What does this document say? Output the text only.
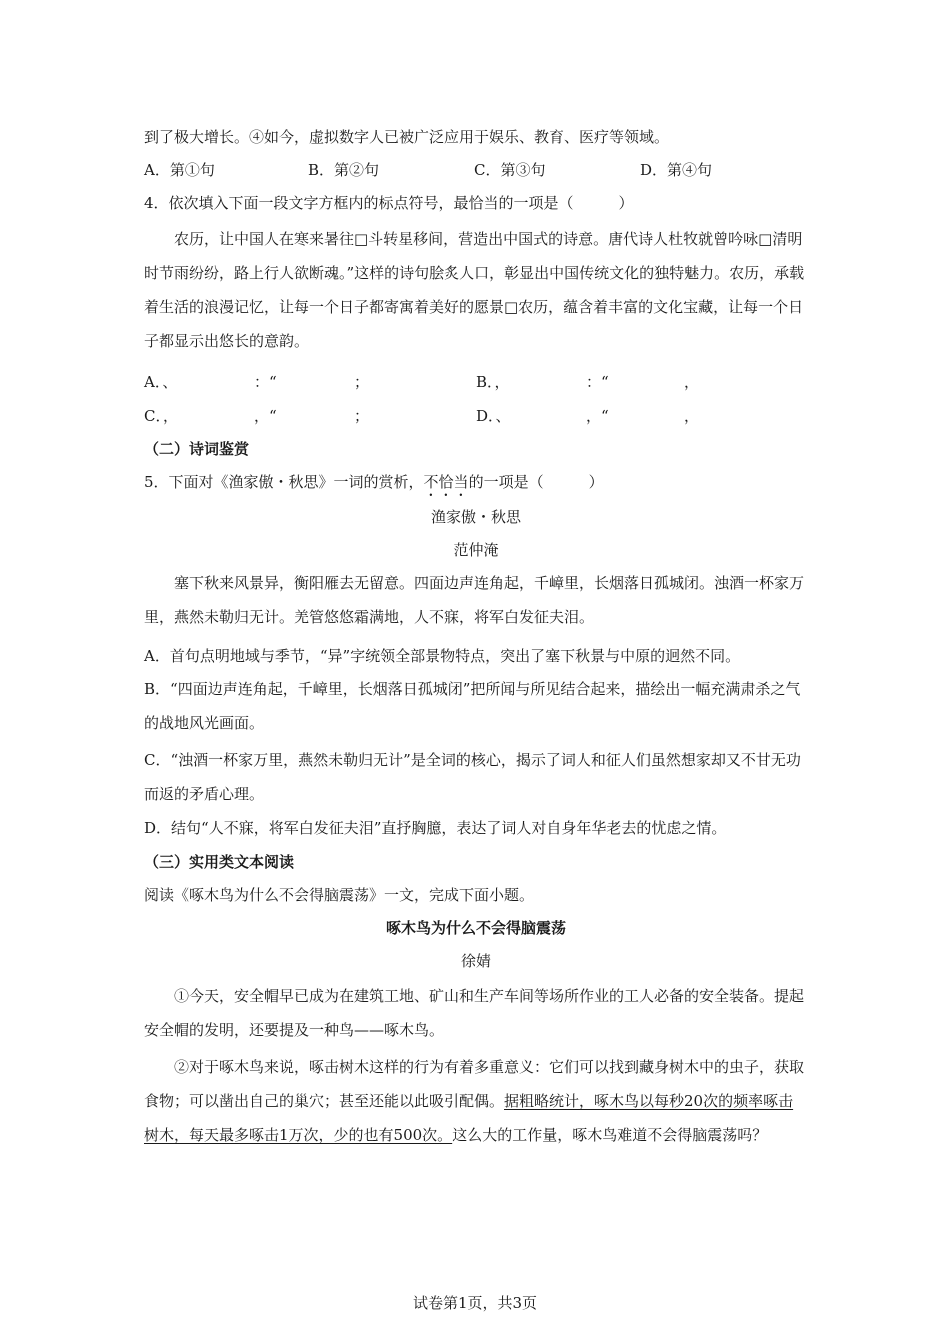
到了极大增长。④如今，虚拟数字人已被广泛应用于娱乐、教育、医疗等领域。
A．第①句	B．第②句	C．第③句	D．第④句
4．依次填入下面一段文字方框内的标点符号，最恰当的一项是（　　　）
农历，让中国人在寒来暑往□斗转星移间，营造出中国式的诗意。唐代诗人杜牧就曾吟咏□清明时节雨纷纷，路上行人欲断魂。”这样的诗句脍炙人口，彰显出中国传统文化的独特魅力。农历，承载着生活的浪漫记忆，让每一个日子都寄寓着美好的愿景□农历，蕴含着丰富的文化宝藏，让每一个日子都显示出悠长的意韵。
A．、	：“	；	B．，	：“	，
C．，	，“	；	D．、	，“	，
（二）诗词鉴赏
5．下面对《渔家傲・秋思》一词的赏析，不恰当的一项是（　　　）
渔家傲・秋思
范仲淹
塞下秋来风景异，衡阳雁去无留意。四面边声连角起，千嶂里，长烟落日孤城闭。浊酒一杯家万里，燕然未勒归无计。羌管悠悠霜满地，人不寐，将军白发征夫泪。
A．首句点明地域与季节，“异”字统领全部景物特点，突出了塞下秋景与中原的迥然不同。
B．“四面边声连角起，千嶂里，长烟落日孤城闭”把所闻与所见结合起来，描绘出一幅充满肃杀之气的战地风光画面。
C．“浊酒一杯家万里，燕然未勒归无计”是全词的核心，揭示了词人和征人们虽然想家却又不甘无功而返的矛盾心理。
D．结句“人不寐，将军白发征夫泪”直抒胸臆，表达了词人对自身年华老去的忧虑之情。
（三）实用类文本阅读
阅读《啄木鸟为什么不会得脑震荡》一文，完成下面小题。
啄木鸟为什么不会得脑震荡
徐婧
①今天，安全帽早已成为在建筑工地、矿山和生产车间等场所作业的工人必备的安全装备。提起安全帽的发明，还要提及一种鸟——啄木鸟。
②对于啄木鸟来说，啄击树木这样的行为有着多重意义：它们可以找到藏身树木中的虫子，获取食物；可以凿出自己的巢穴；甚至还能以此吸引配偶。据粗略统计，啄木鸟以每秒20次的频率啄击树木，每天最多啄击1万次，少的也有500次。这么大的工作量，啄木鸟难道不会得脑震荡吗？
试卷第1页，共3页
